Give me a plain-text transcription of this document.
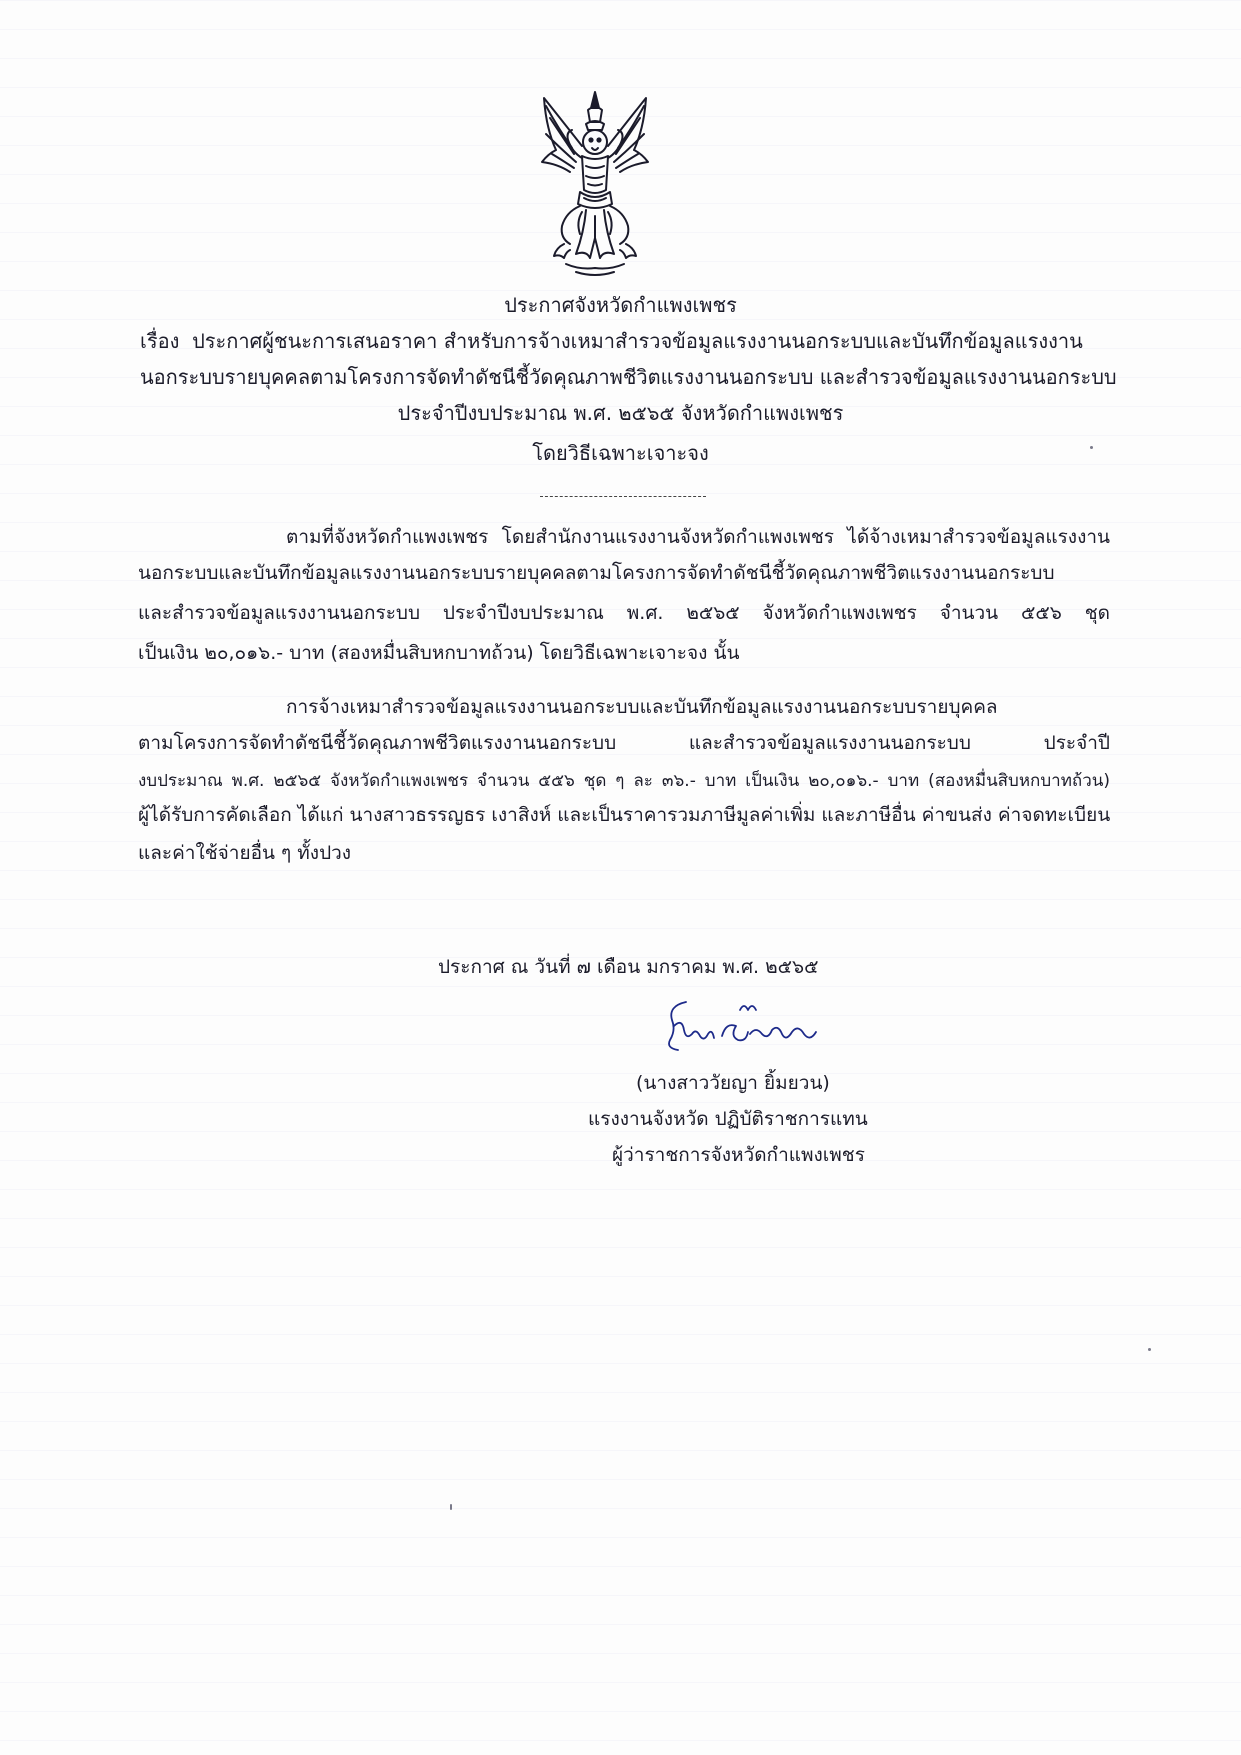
ประกาศจังหวัดกำแพงเพชร
เรื่อง ประกาศผู้ชนะการเสนอราคา สำหรับการจ้างเหมาสำรวจข้อมูลแรงงานนอกระบบและบันทึกข้อมูลแรงงาน
นอกระบบรายบุคคลตามโครงการจัดทำดัชนีชี้วัดคุณภาพชีวิตแรงงานนอกระบบ และสำรวจข้อมูลแรงงานนอกระบบ
ประจำปีงบประมาณ พ.ศ. ๒๕๖๕ จังหวัดกำแพงเพชร
โดยวิธีเฉพาะเจาะจง
ตามที่จังหวัดกำแพงเพชร โดยสำนักงานแรงงานจังหวัดกำแพงเพชร ได้จ้างเหมาสำรวจข้อมูลแรงงาน
นอกระบบและบันทึกข้อมูลแรงงานนอกระบบรายบุคคลตามโครงการจัดทำดัชนีชี้วัดคุณภาพชีวิตแรงงานนอกระบบ
และสำรวจข้อมูลแรงงานนอกระบบ ประจำปีงบประมาณ พ.ศ. ๒๕๖๕ จังหวัดกำแพงเพชร จำนวน ๕๕๖ ชุด
เป็นเงิน ๒๐,๐๑๖.- บาท (สองหมื่นสิบหกบาทถ้วน) โดยวิธีเฉพาะเจาะจง นั้น
การจ้างเหมาสำรวจข้อมูลแรงงานนอกระบบและบันทึกข้อมูลแรงงานนอกระบบรายบุคคล
ตามโครงการจัดทำดัชนีชี้วัดคุณภาพชีวิตแรงงานนอกระบบ และสำรวจข้อมูลแรงงานนอกระบบ ประจำปี
งบประมาณ พ.ศ. ๒๕๖๕ จังหวัดกำแพงเพชร จำนวน ๕๕๖ ชุด ๆ ละ ๓๖.- บาท เป็นเงิน ๒๐,๐๑๖.- บาท (สองหมื่นสิบหกบาทถ้วน)
ผู้ได้รับการคัดเลือก ได้แก่ นางสาวธรรญธร เงาสิงห์ และเป็นราคารวมภาษีมูลค่าเพิ่ม และภาษีอื่น ค่าขนส่ง ค่าจดทะเบียน
และค่าใช้จ่ายอื่น ๆ ทั้งปวง
ประกาศ ณ วันที่ ๗ เดือน มกราคม พ.ศ. ๒๕๖๕
(นางสาววัยญา ยิ้มยวน)
แรงงานจังหวัด ปฏิบัติราชการแทน
ผู้ว่าราชการจังหวัดกำแพงเพชร
